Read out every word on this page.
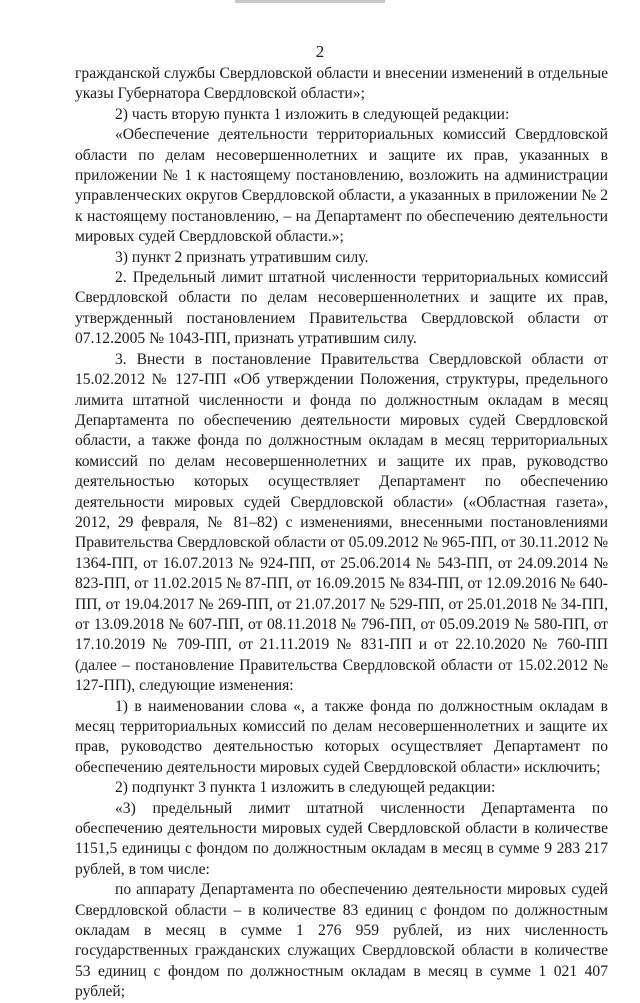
2

гражданской службы Свердловской области и внесении изменений в отдельные указы Губернатора Свердловской области»;

2) часть вторую пункта 1 изложить в следующей редакции:

«Обеспечение деятельности территориальных комиссий Свердловской области по делам несовершеннолетних и защите их прав, указанных в приложении № 1 к настоящему постановлению, возложить на администрации управленческих округов Свердловской области, а указанных в приложении № 2 к настоящему постановлению, – на Департамент по обеспечению деятельности мировых судей Свердловской области.»;

3) пункт 2 признать утратившим силу.

2. Предельный лимит штатной численности территориальных комиссий Свердловской области по делам несовершеннолетних и защите их прав, утвержденный постановлением Правительства Свердловской области от 07.12.2005 № 1043-ПП, признать утратившим силу.

3. Внести в постановление Правительства Свердловской области от 15.02.2012 № 127-ПП «Об утверждении Положения, структуры, предельного лимита штатной численности и фонда по должностным окладам в месяц Департамента по обеспечению деятельности мировых судей Свердловской области, а также фонда по должностным окладам в месяц территориальных комиссий по делам несовершеннолетних и защите их прав, руководство деятельностью которых осуществляет Департамент по обеспечению деятельности мировых судей Свердловской области» («Областная газета», 2012, 29 февраля, № 81–82) с изменениями, внесенными постановлениями Правительства Свердловской области от 05.09.2012 № 965-ПП, от 30.11.2012 № 1364-ПП, от 16.07.2013 № 924-ПП, от 25.06.2014 № 543-ПП, от 24.09.2014 № 823-ПП, от 11.02.2015 № 87-ПП, от 16.09.2015 № 834-ПП, от 12.09.2016 № 640-ПП, от 19.04.2017 № 269-ПП, от 21.07.2017 № 529-ПП, от 25.01.2018 № 34-ПП, от 13.09.2018 № 607-ПП, от 08.11.2018 № 796-ПП, от 05.09.2019 № 580-ПП, от 17.10.2019 № 709-ПП, от 21.11.2019 № 831-ПП и от 22.10.2020 № 760-ПП (далее – постановление Правительства Свердловской области от 15.02.2012 № 127-ПП), следующие изменения:

1) в наименовании слова «, а также фонда по должностным окладам в месяц территориальных комиссий по делам несовершеннолетних и защите их прав, руководство деятельностью которых осуществляет Департамент по обеспечению деятельности мировых судей Свердловской области» исключить;

2) подпункт 3 пункта 1 изложить в следующей редакции:

«3) предельный лимит штатной численности Департамента по обеспечению деятельности мировых судей Свердловской области в количестве 1151,5 единицы с фондом по должностным окладам в месяц в сумме 9 283 217 рублей, в том числе:

по аппарату Департамента по обеспечению деятельности мировых судей Свердловской области – в количестве 83 единиц с фондом по должностным окладам в месяц в сумме 1 276 959 рублей, из них численность государственных гражданских служащих Свердловской области в количестве 53 единиц с фондом по должностным окладам в месяц в сумме 1 021 407 рублей;
